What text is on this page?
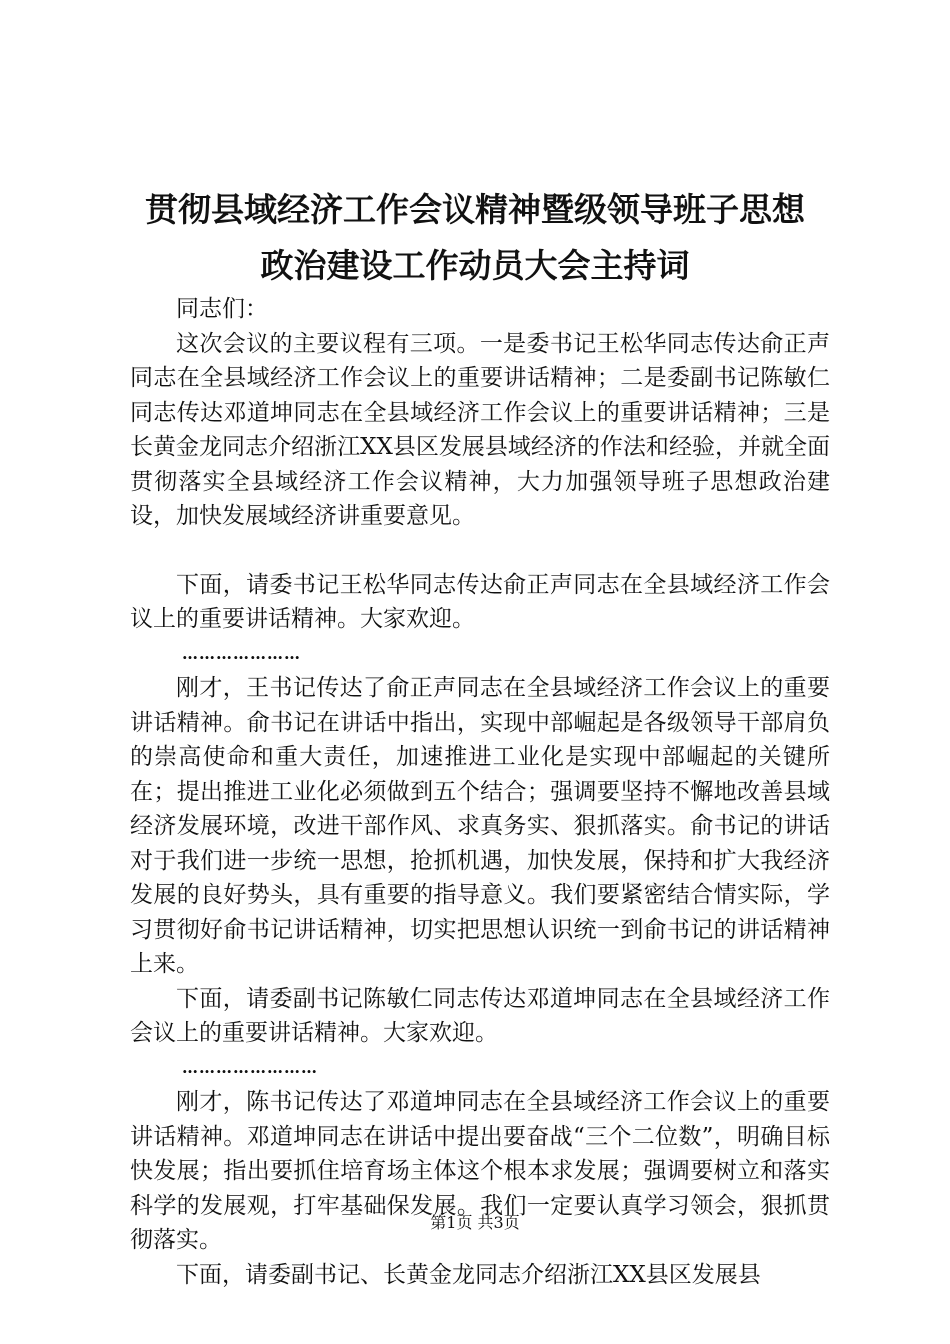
贯彻县域经济工作会议精神暨级领导班子思想
政治建设工作动员大会主持词

同志们：

这次会议的主要议程有三项。一是委书记王松华同志传达俞正声同志在全县域经济工作会议上的重要讲话精神；二是委副书记陈敏仁同志传达邓道坤同志在全县域经济工作会议上的重要讲话精神；三是长黄金龙同志介绍浙江XX县区发展县域经济的作法和经验，并就全面贯彻落实全县域经济工作会议精神，大力加强领导班子思想政治建设，加快发展域经济讲重要意见。

下面，请委书记王松华同志传达俞正声同志在全县域经济工作会议上的重要讲话精神。大家欢迎。

…………………

刚才，王书记传达了俞正声同志在全县域经济工作会议上的重要讲话精神。俞书记在讲话中指出，实现中部崛起是各级领导干部肩负的崇高使命和重大责任，加速推进工业化是实现中部崛起的关键所在；提出推进工业化必须做到五个结合；强调要坚持不懈地改善县域经济发展环境，改进干部作风、求真务实、狠抓落实。俞书记的讲话对于我们进一步统一思想，抢抓机遇，加快发展，保持和扩大我经济发展的良好势头，具有重要的指导意义。我们要紧密结合情实际，学习贯彻好俞书记讲话精神，切实把思想认识统一到俞书记的讲话精神上来。

下面，请委副书记陈敏仁同志传达邓道坤同志在全县域经济工作会议上的重要讲话精神。大家欢迎。

……………………

刚才，陈书记传达了邓道坤同志在全县域经济工作会议上的重要讲话精神。邓道坤同志在讲话中提出要奋战“三个二位数”，明确目标快发展；指出要抓住培育场主体这个根本求发展；强调要树立和落实科学的发展观，打牢基础保发展。我们一定要认真学习领会，狠抓贯彻落实。

下面，请委副书记、长黄金龙同志介绍浙江XX县区发展县

第1页 共3页
